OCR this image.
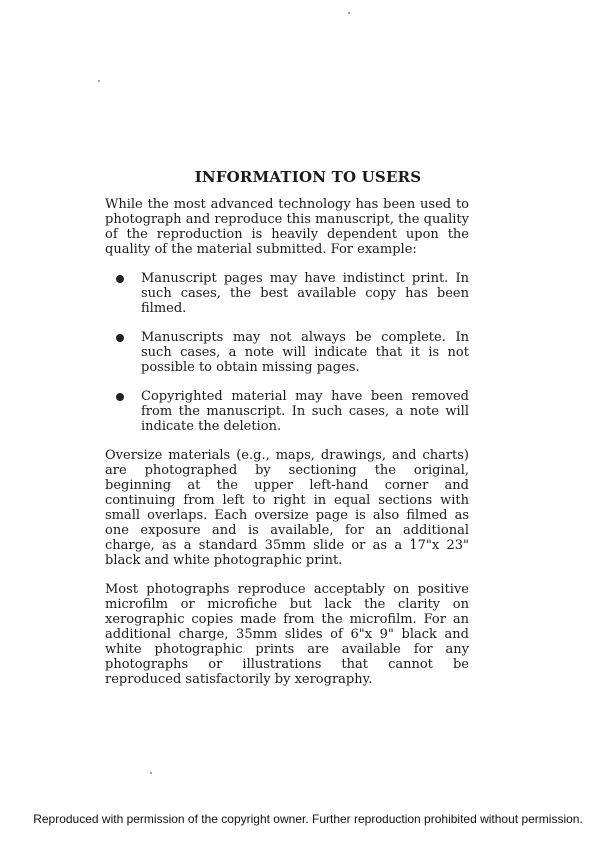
INFORMATION TO USERS

While the most advanced technology has been used to photograph and reproduce this manuscript, the quality of the reproduction is heavily dependent upon the quality of the material submitted. For example:

Manuscript pages may have indistinct print. In such cases, the best available copy has been filmed.
Manuscripts may not always be complete. In such cases, a note will indicate that it is not possible to obtain missing pages.
Copyrighted material may have been removed from the manuscript. In such cases, a note will indicate the deletion.

Oversize materials (e.g., maps, drawings, and charts) are photographed by sectioning the original, beginning at the upper left-hand corner and continuing from left to right in equal sections with small overlaps. Each oversize page is also filmed as one exposure and is available, for an additional charge, as a standard 35mm slide or as a 17"x 23" black and white photographic print.

Most photographs reproduce acceptably on positive microfilm or microfiche but lack the clarity on xerographic copies made from the microfilm. For an additional charge, 35mm slides of 6"x 9" black and white photographic prints are available for any photographs or illustrations that cannot be reproduced satisfactorily by xerography.

Reproduced with permission of the copyright owner. Further reproduction prohibited without permission.
